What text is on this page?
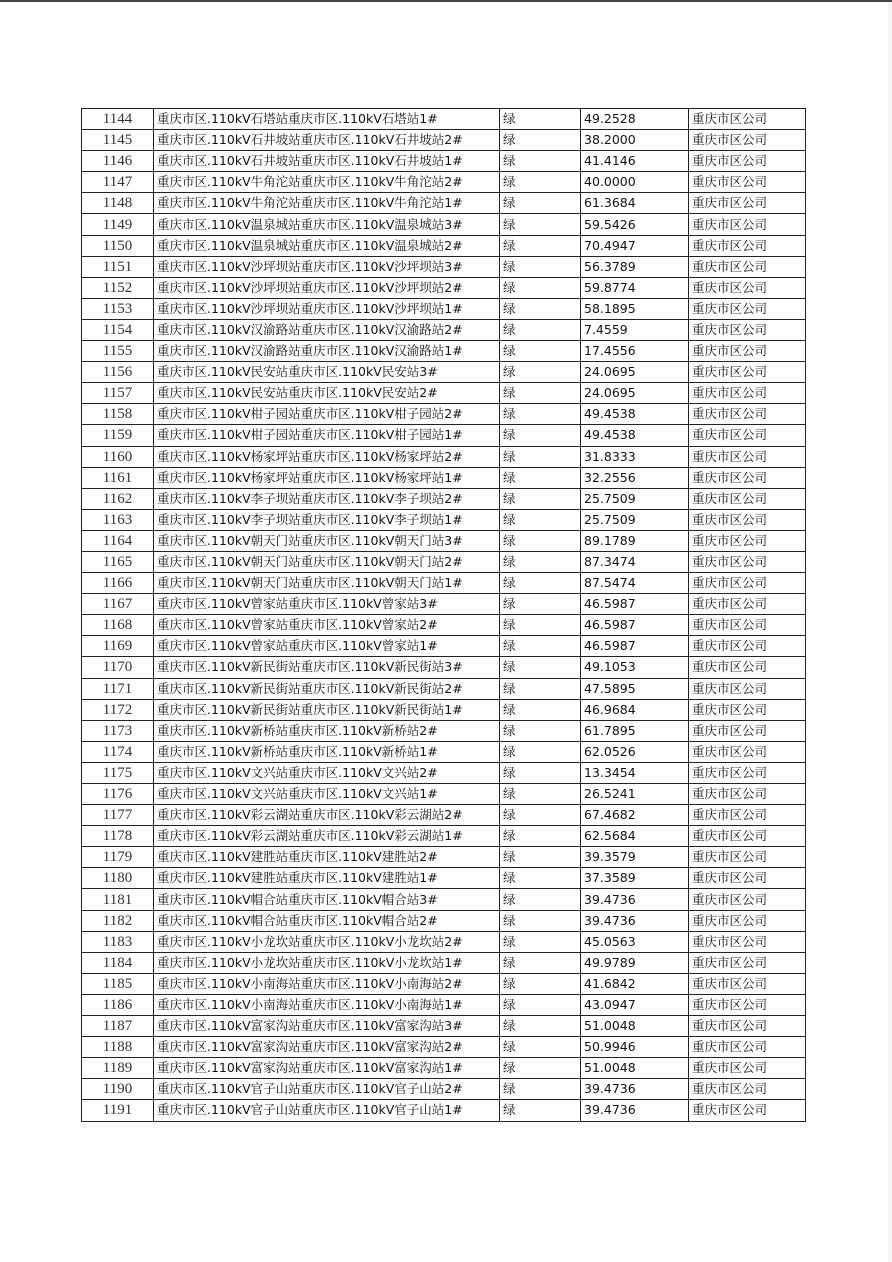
1144	重庆市区.110kV石塔站重庆市区.110kV石塔站1#	绿	49.2528	重庆市区公司
1145	重庆市区.110kV石井坡站重庆市区.110kV石井坡站2#	绿	38.2000	重庆市区公司
1146	重庆市区.110kV石井坡站重庆市区.110kV石井坡站1#	绿	41.4146	重庆市区公司
1147	重庆市区.110kV牛角沱站重庆市区.110kV牛角沱站2#	绿	40.0000	重庆市区公司
1148	重庆市区.110kV牛角沱站重庆市区.110kV牛角沱站1#	绿	61.3684	重庆市区公司
1149	重庆市区.110kV温泉城站重庆市区.110kV温泉城站3#	绿	59.5426	重庆市区公司
1150	重庆市区.110kV温泉城站重庆市区.110kV温泉城站2#	绿	70.4947	重庆市区公司
1151	重庆市区.110kV沙坪坝站重庆市区.110kV沙坪坝站3#	绿	56.3789	重庆市区公司
1152	重庆市区.110kV沙坪坝站重庆市区.110kV沙坪坝站2#	绿	59.8774	重庆市区公司
1153	重庆市区.110kV沙坪坝站重庆市区.110kV沙坪坝站1#	绿	58.1895	重庆市区公司
1154	重庆市区.110kV汉渝路站重庆市区.110kV汉渝路站2#	绿	7.4559	重庆市区公司
1155	重庆市区.110kV汉渝路站重庆市区.110kV汉渝路站1#	绿	17.4556	重庆市区公司
1156	重庆市区.110kV民安站重庆市区.110kV民安站3#	绿	24.0695	重庆市区公司
1157	重庆市区.110kV民安站重庆市区.110kV民安站2#	绿	24.0695	重庆市区公司
1158	重庆市区.110kV柑子园站重庆市区.110kV柑子园站2#	绿	49.4538	重庆市区公司
1159	重庆市区.110kV柑子园站重庆市区.110kV柑子园站1#	绿	49.4538	重庆市区公司
1160	重庆市区.110kV杨家坪站重庆市区.110kV杨家坪站2#	绿	31.8333	重庆市区公司
1161	重庆市区.110kV杨家坪站重庆市区.110kV杨家坪站1#	绿	32.2556	重庆市区公司
1162	重庆市区.110kV李子坝站重庆市区.110kV李子坝站2#	绿	25.7509	重庆市区公司
1163	重庆市区.110kV李子坝站重庆市区.110kV李子坝站1#	绿	25.7509	重庆市区公司
1164	重庆市区.110kV朝天门站重庆市区.110kV朝天门站3#	绿	89.1789	重庆市区公司
1165	重庆市区.110kV朝天门站重庆市区.110kV朝天门站2#	绿	87.3474	重庆市区公司
1166	重庆市区.110kV朝天门站重庆市区.110kV朝天门站1#	绿	87.5474	重庆市区公司
1167	重庆市区.110kV曾家站重庆市区.110kV曾家站3#	绿	46.5987	重庆市区公司
1168	重庆市区.110kV曾家站重庆市区.110kV曾家站2#	绿	46.5987	重庆市区公司
1169	重庆市区.110kV曾家站重庆市区.110kV曾家站1#	绿	46.5987	重庆市区公司
1170	重庆市区.110kV新民街站重庆市区.110kV新民街站3#	绿	49.1053	重庆市区公司
1171	重庆市区.110kV新民街站重庆市区.110kV新民街站2#	绿	47.5895	重庆市区公司
1172	重庆市区.110kV新民街站重庆市区.110kV新民街站1#	绿	46.9684	重庆市区公司
1173	重庆市区.110kV新桥站重庆市区.110kV新桥站2#	绿	61.7895	重庆市区公司
1174	重庆市区.110kV新桥站重庆市区.110kV新桥站1#	绿	62.0526	重庆市区公司
1175	重庆市区.110kV文兴站重庆市区.110kV文兴站2#	绿	13.3454	重庆市区公司
1176	重庆市区.110kV文兴站重庆市区.110kV文兴站1#	绿	26.5241	重庆市区公司
1177	重庆市区.110kV彩云湖站重庆市区.110kV彩云湖站2#	绿	67.4682	重庆市区公司
1178	重庆市区.110kV彩云湖站重庆市区.110kV彩云湖站1#	绿	62.5684	重庆市区公司
1179	重庆市区.110kV建胜站重庆市区.110kV建胜站2#	绿	39.3579	重庆市区公司
1180	重庆市区.110kV建胜站重庆市区.110kV建胜站1#	绿	37.3589	重庆市区公司
1181	重庆市区.110kV帽合站重庆市区.110kV帽合站3#	绿	39.4736	重庆市区公司
1182	重庆市区.110kV帽合站重庆市区.110kV帽合站2#	绿	39.4736	重庆市区公司
1183	重庆市区.110kV小龙坎站重庆市区.110kV小龙坎站2#	绿	45.0563	重庆市区公司
1184	重庆市区.110kV小龙坎站重庆市区.110kV小龙坎站1#	绿	49.9789	重庆市区公司
1185	重庆市区.110kV小南海站重庆市区.110kV小南海站2#	绿	41.6842	重庆市区公司
1186	重庆市区.110kV小南海站重庆市区.110kV小南海站1#	绿	43.0947	重庆市区公司
1187	重庆市区.110kV富家沟站重庆市区.110kV富家沟站3#	绿	51.0048	重庆市区公司
1188	重庆市区.110kV富家沟站重庆市区.110kV富家沟站2#	绿	50.9946	重庆市区公司
1189	重庆市区.110kV富家沟站重庆市区.110kV富家沟站1#	绿	51.0048	重庆市区公司
1190	重庆市区.110kV官子山站重庆市区.110kV官子山站2#	绿	39.4736	重庆市区公司
1191	重庆市区.110kV官子山站重庆市区.110kV官子山站1#	绿	39.4736	重庆市区公司
